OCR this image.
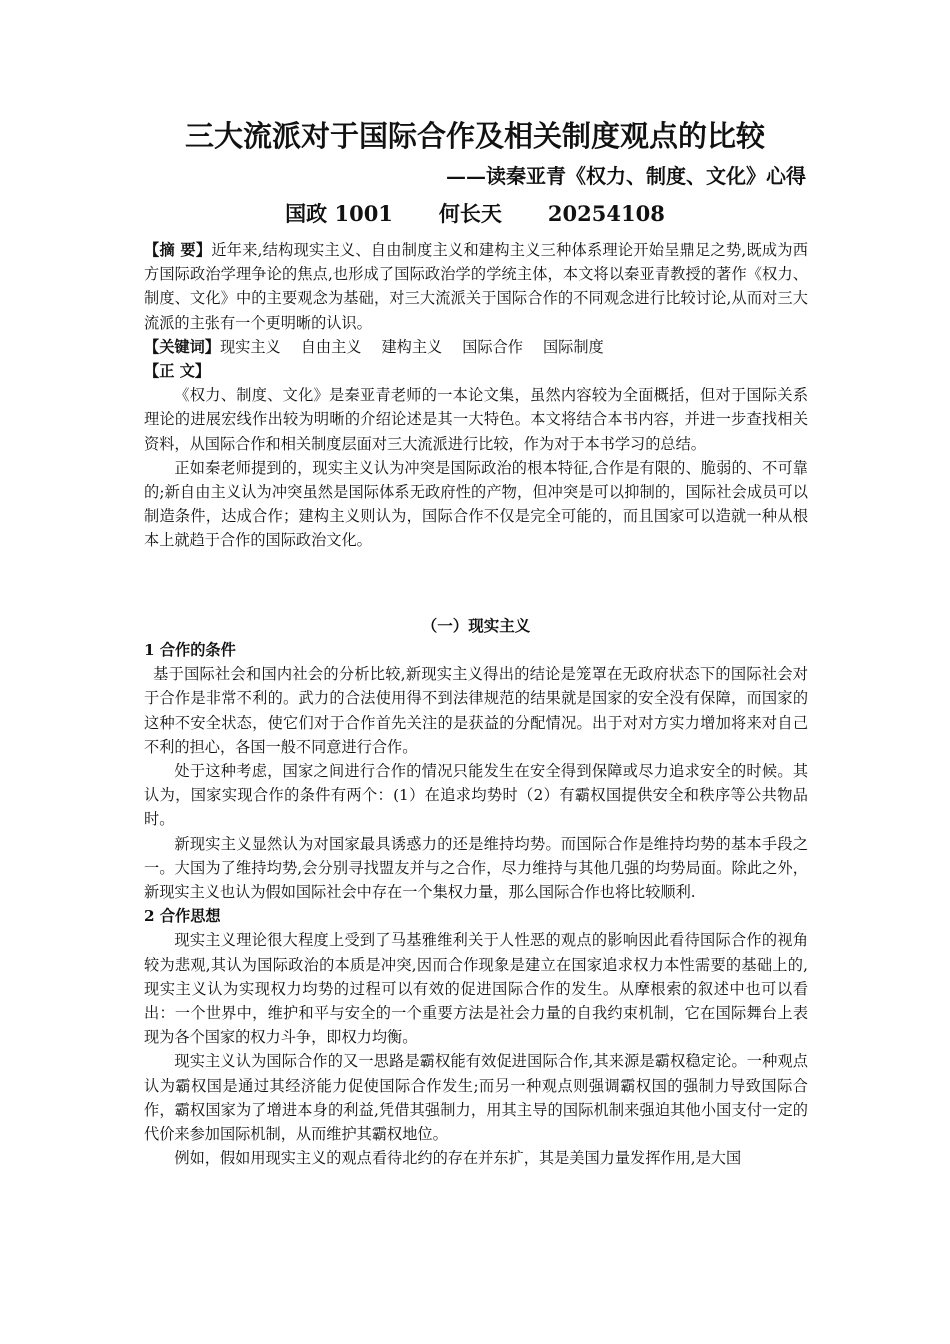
三大流派对于国际合作及相关制度观点的比较
——读秦亚青《权力、制度、文化》心得
国政 1001 何长天 20254108

【摘 要】近年来,结构现实主义、自由制度主义和建构主义三种体系理论开始呈鼎足之势,既成为西方国际政治学理争论的焦点,也形成了国际政治学的学统主体，本文将以秦亚青教授的著作《权力、制度、文化》中的主要观念为基础，对三大流派关于国际合作的不同观念进行比较讨论,从而对三大流派的主张有一个更明晰的认识。

【关键词】现实主义 自由主义 建构主义 国际合作 国际制度

【正 文】

《权力、制度、文化》是秦亚青老师的一本论文集，虽然内容较为全面概括，但对于国际关系理论的进展宏线作出较为明晰的介绍论述是其一大特色。本文将结合本书内容，并进一步查找相关资料，从国际合作和相关制度层面对三大流派进行比较，作为对于本书学习的总结。

正如秦老师提到的，现实主义认为冲突是国际政治的根本特征,合作是有限的、脆弱的、不可靠的;新自由主义认为冲突虽然是国际体系无政府性的产物，但冲突是可以抑制的，国际社会成员可以制造条件，达成合作；建构主义则认为，国际合作不仅是完全可能的，而且国家可以造就一种从根本上就趋于合作的国际政治文化。

（一）现实主义

1 合作的条件

基于国际社会和国内社会的分析比较,新现实主义得出的结论是笼罩在无政府状态下的国际社会对于合作是非常不利的。武力的合法使用得不到法律规范的结果就是国家的安全没有保障，而国家的这种不安全状态，使它们对于合作首先关注的是获益的分配情况。出于对对方实力增加将来对自己不利的担心，各国一般不同意进行合作。

处于这种考虑，国家之间进行合作的情况只能发生在安全得到保障或尽力追求安全的时候。其认为，国家实现合作的条件有两个：(1）在追求均势时（2）有霸权国提供安全和秩序等公共物品时。

新现实主义显然认为对国家最具诱惑力的还是维持均势。而国际合作是维持均势的基本手段之一。大国为了维持均势,会分别寻找盟友并与之合作，尽力维持与其他几强的均势局面。除此之外，新现实主义也认为假如国际社会中存在一个集权力量，那么国际合作也将比较顺利.

2 合作思想

现实主义理论很大程度上受到了马基雅维利关于人性恶的观点的影响因此看待国际合作的视角较为悲观,其认为国际政治的本质是冲突,因而合作现象是建立在国家追求权力本性需要的基础上的,现实主义认为实现权力均势的过程可以有效的促进国际合作的发生。从摩根索的叙述中也可以看出：一个世界中，维护和平与安全的一个重要方法是社会力量的自我约束机制，它在国际舞台上表现为各个国家的权力斗争，即权力均衡。

现实主义认为国际合作的又一思路是霸权能有效促进国际合作,其来源是霸权稳定论。一种观点认为霸权国是通过其经济能力促使国际合作发生;而另一种观点则强调霸权国的强制力导致国际合作，霸权国家为了增进本身的利益,凭借其强制力，用其主导的国际机制来强迫其他小国支付一定的代价来参加国际机制，从而维护其霸权地位。

例如，假如用现实主义的观点看待北约的存在并东扩，其是美国力量发挥作用,是大国
